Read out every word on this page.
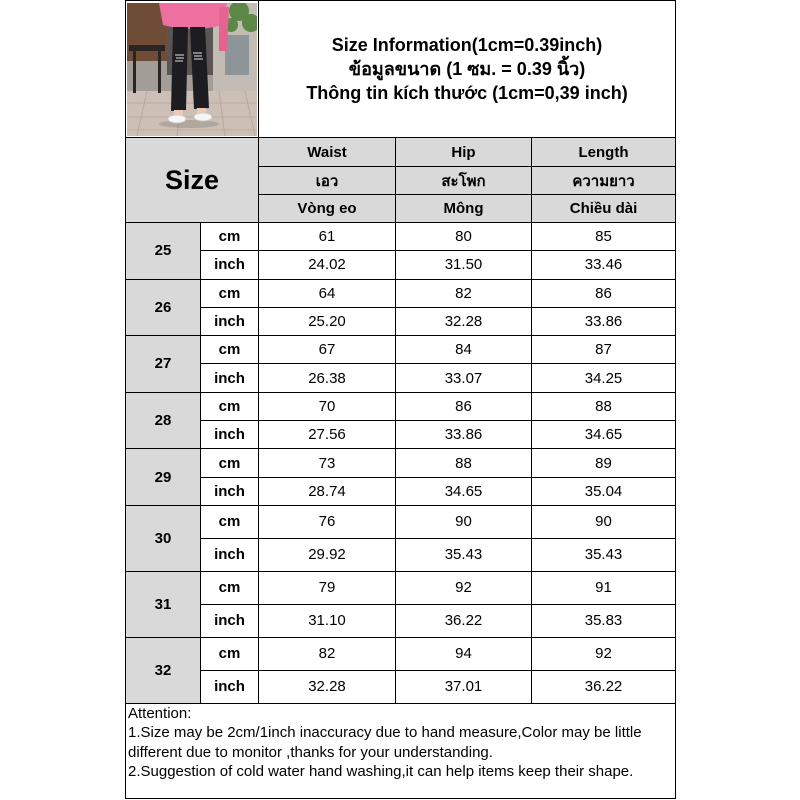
Size Information(1cm=0.39inch)
ข้อมูลขนาด (1 ซม. = 0.39 นิ้ว)
Thông tin kích thước (1cm=0,39 inch)		

Size		Waist	Hip	Length
		เอว	สะโพก	ความยาว
		Vòng eo	Mông	Chiều dài
25	cm	61	80	85
	inch	24.02	31.50	33.46
26	cm	64	82	86
	inch	25.20	32.28	33.86
27	cm	67	84	87
	inch	26.38	33.07	34.25
28	cm	70	86	88
	inch	27.56	33.86	34.65
29	cm	73	88	89
	inch	28.74	34.65	35.04
30	cm	76	90	90
	inch	29.92	35.43	35.43
31	cm	79	92	91
	inch	31.10	36.22	35.83
32	cm	82	94	92
	inch	32.28	37.01	36.22

Attention:
1.Size may be 2cm/1inch inaccuracy due to hand measure,Color may be little
different due to monitor ,thanks for your understanding.
2.Suggestion of cold water hand washing,it can help items keep their shape.				
